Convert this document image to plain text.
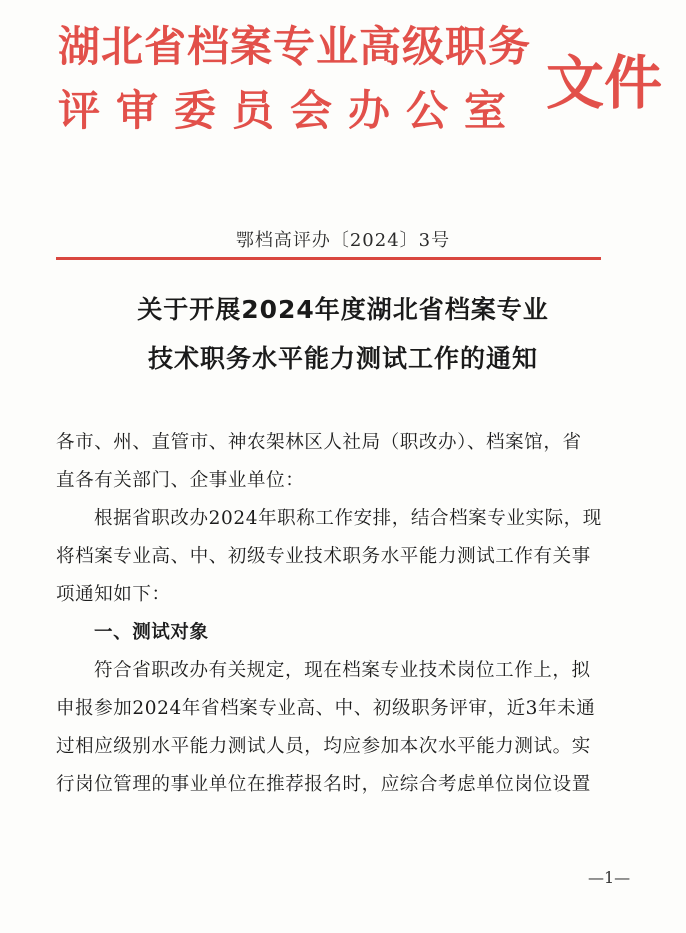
湖北省档案专业高级职务
评审委员会办公室 文件
鄂档高评办〔2024〕3号
关于开展2024年度湖北省档案专业
技术职务水平能力测试工作的通知
各市、州、直管市、神农架林区人社局（职改办）、档案馆，省
直各有关部门、企事业单位：
根据省职改办2024年职称工作安排，结合档案专业实际，现
将档案专业高、中、初级专业技术职务水平能力测试工作有关事
项通知如下：
一、测试对象
符合省职改办有关规定，现在档案专业技术岗位工作上，拟
申报参加2024年省档案专业高、中、初级职务评审，近3年未通
过相应级别水平能力测试人员，均应参加本次水平能力测试。实
行岗位管理的事业单位在推荐报名时，应综合考虑单位岗位设置
—1—
